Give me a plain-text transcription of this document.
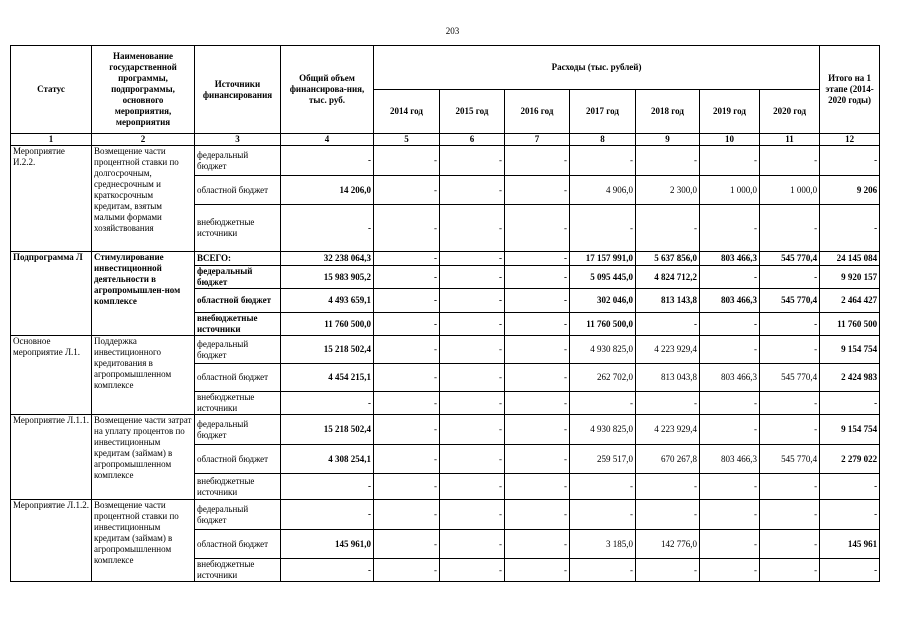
203
Статус	Наименование государственной программы, подпрограммы, основного мероприятия, мероприятия	Источники финансирования	Общий объем финансирова-ния, тыс. руб.	Расходы (тыс. рублей)							Итого на 1 этапе (2014-2020 годы)
				2014 год	2015 год	2016 год	2017 год	2018 год	2019 год	2020 год	
1	2	3	4	5	6	7	8	9	10	11	12
Мероприятие И.2.2.	Возмещение части процентной ставки по долгосрочным, среднесрочным и краткосрочным кредитам, взятым малыми формами хозяйствования	федеральный бюджет	-	-	-	-	-	-	-	-	-
		областной бюджет	14 206,0	-	-	-	4 906,0	2 300,0	1 000,0	1 000,0	9 206
		внебюджетные источники	-	-	-	-	-	-	-	-	-
Подпрограмма Л	Стимулирование инвестиционной деятельности в агропромышлен-ном комплексе	ВСЕГО:	32 238 064,3	-	-	-	17 157 991,0	5 637 856,0	803 466,3	545 770,4	24 145 084
		федеральный бюджет	15 983 905,2	-	-	-	5 095 445,0	4 824 712,2	-	-	9 920 157
		областной бюджет	4 493 659,1	-	-	-	302 046,0	813 143,8	803 466,3	545 770,4	2 464 427
		внебюджетные источники	11 760 500,0	-	-	-	11 760 500,0	-	-	-	11 760 500
Основное мероприятие Л.1.	Поддержка инвестиционного кредитования в агропромышленном комплексе	федеральный бюджет	15 218 502,4	-	-	-	4 930 825,0	4 223 929,4	-	-	9 154 754
		областной бюджет	4 454 215,1	-	-	-	262 702,0	813 043,8	803 466,3	545 770,4	2 424 983
		внебюджетные источники	-	-	-	-	-	-	-	-	-
Мероприятие Л.1.1.	Возмещение части затрат на уплату процентов по инвестиционным кредитам (займам) в агропромышленном комплексе	федеральный бюджет	15 218 502,4	-	-	-	4 930 825,0	4 223 929,4	-	-	9 154 754
		областной бюджет	4 308 254,1	-	-	-	259 517,0	670 267,8	803 466,3	545 770,4	2 279 022
		внебюджетные источники	-	-	-	-	-	-	-	-	-
Мероприятие Л.1.2.	Возмещение части процентной ставки по инвестиционным кредитам (займам) в агропромышленном комплексе	федеральный бюджет	-	-	-	-	-	-	-	-	-
		областной бюджет	145 961,0	-	-	-	3 185,0	142 776,0	-	-	145 961
		внебюджетные источники	-	-	-	-	-	-	-	-	-
